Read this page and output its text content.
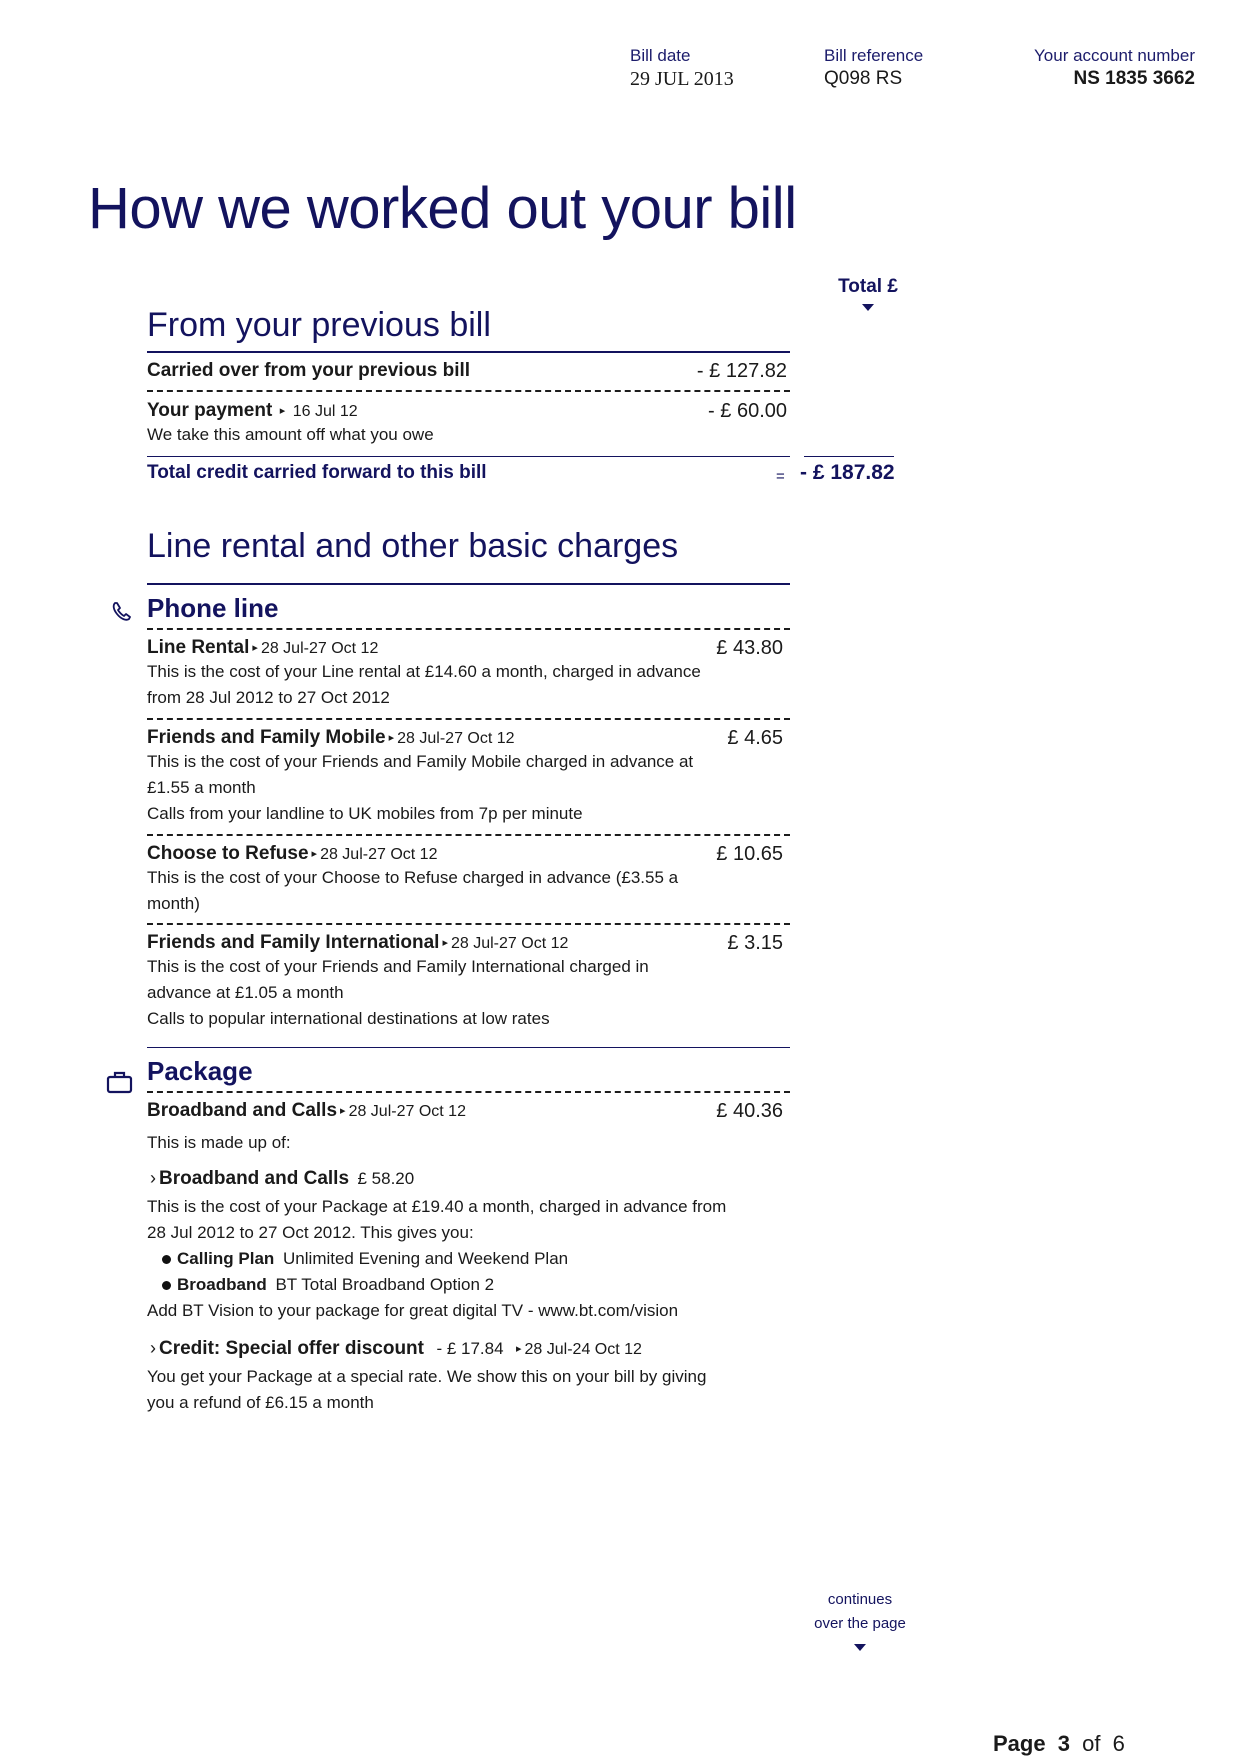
Bill date
29 JUL 2013
Bill reference
Q098 RS
Your account number
NS 1835 3662
How we worked out your bill
Total £
From your previous bill
Carried over from your previous bill	- £ 127.82
Your payment ▸ 16 Jul 12
We take this amount off what you owe
- £ 60.00
Total credit carried forward to this bill	= - £ 187.82
Line rental and other basic charges
Phone line
Line Rental ▸ 28 Jul-27 Oct 12
This is the cost of your Line rental at £14.60 a month, charged in advance
from 28 Jul 2012 to 27 Oct 2012
£ 43.80
Friends and Family Mobile ▸ 28 Jul-27 Oct 12
This is the cost of your Friends and Family Mobile charged in advance at
£1.55 a month
Calls from your landline to UK mobiles from 7p per minute
£ 4.65
Choose to Refuse ▸ 28 Jul-27 Oct 12
This is the cost of your Choose to Refuse charged in advance (£3.55 a
month)
£ 10.65
Friends and Family International ▸ 28 Jul-27 Oct 12
This is the cost of your Friends and Family International charged in
advance at £1.05 a month
Calls to popular international destinations at low rates
£ 3.15
Package
Broadband and Calls ▸ 28 Jul-27 Oct 12	£ 40.36
This is made up of:
› Broadband and Calls £ 58.20
This is the cost of your Package at £19.40 a month, charged in advance from
28 Jul 2012 to 27 Oct 2012. This gives you:
Calling Plan Unlimited Evening and Weekend Plan
Broadband BT Total Broadband Option 2
Add BT Vision to your package for great digital TV - www.bt.com/vision
› Credit: Special offer discount - £ 17.84 ▸ 28 Jul-24 Oct 12
You get your Package at a special rate. We show this on your bill by giving
you a refund of £6.15 a month
continues
over the page
Page 3 of 6
